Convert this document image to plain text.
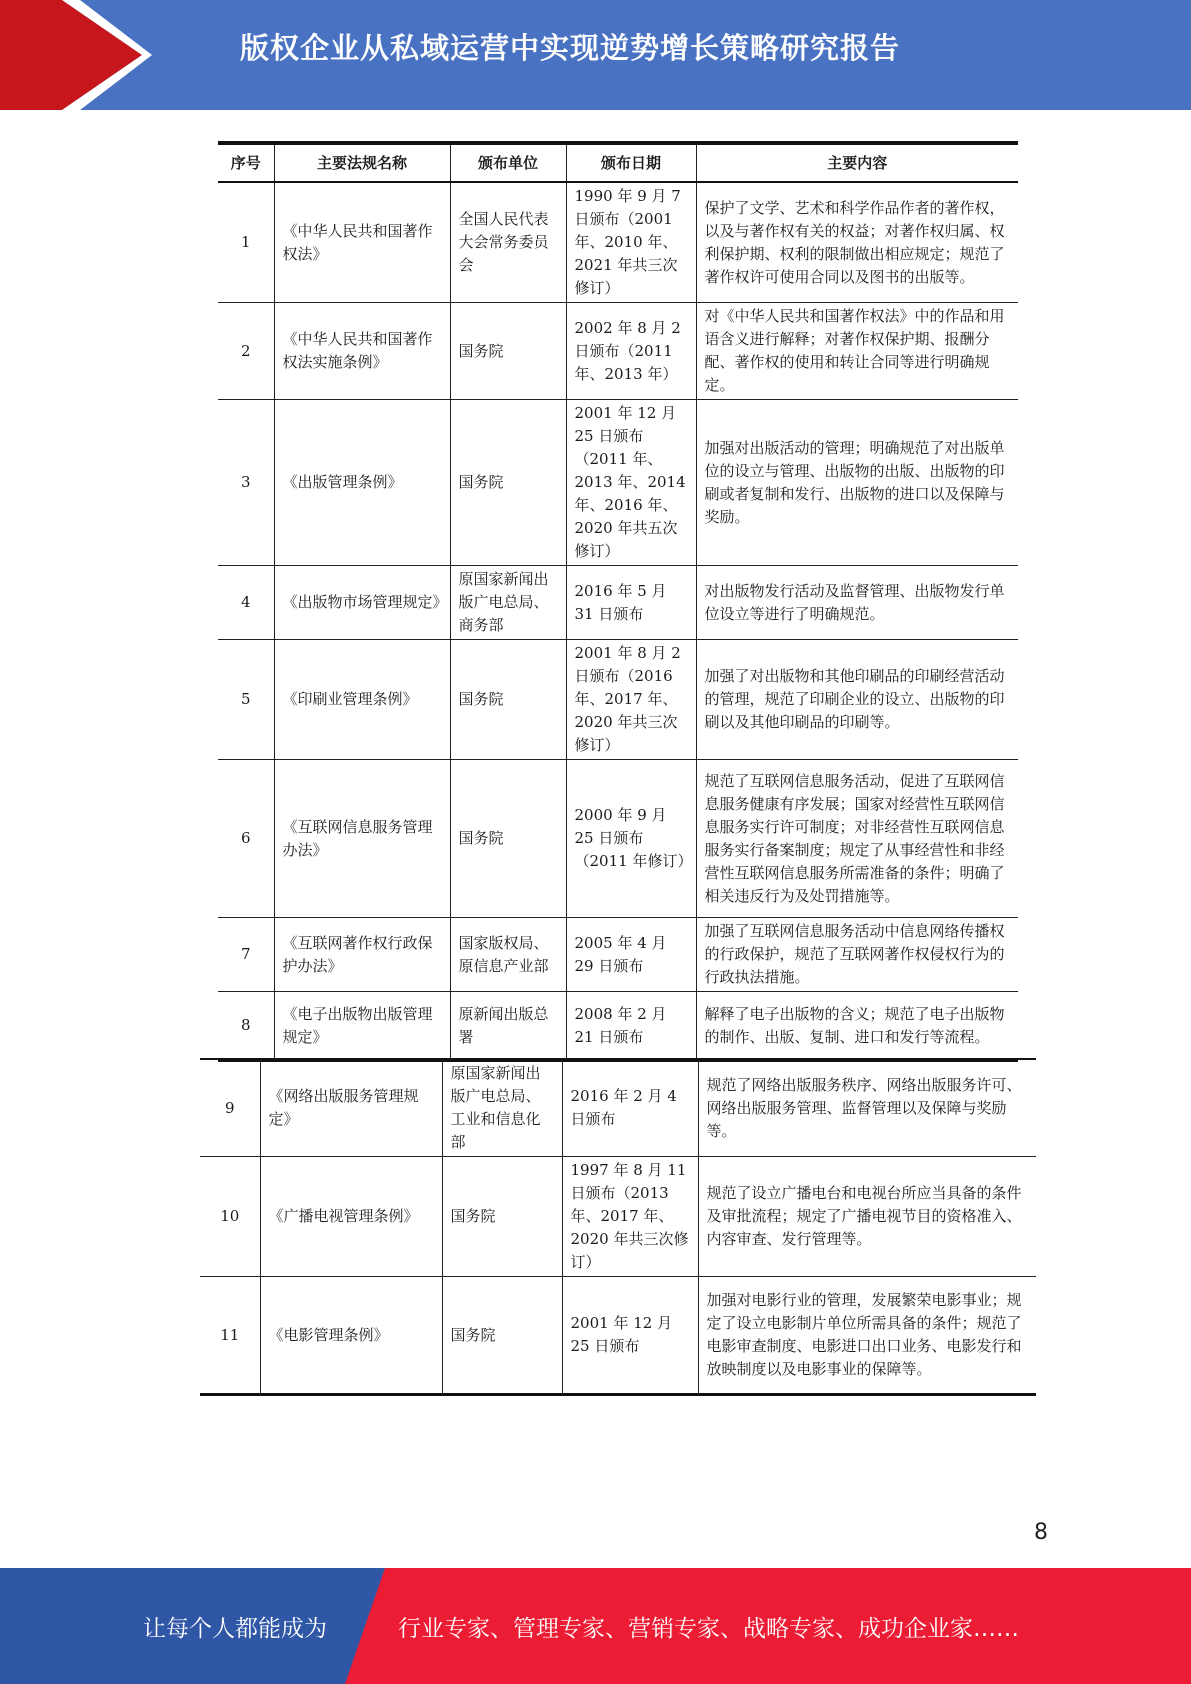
版权企业从私域运营中实现逆势增长策略研究报告
序号	主要法规名称	颁布单位	颁布日期	主要内容
1	《中华人民共和国著作权法》	全国人民代表大会常务委员会	1990 年 9 月 7 日颁布（2001 年、2010 年、2021 年共三次修订）	保护了文学、艺术和科学作品作者的著作权，以及与著作权有关的权益；对著作权归属、权利保护期、权利的限制做出相应规定；规范了著作权许可使用合同以及图书的出版等。
2	《中华人民共和国著作权法实施条例》	国务院	2002 年 8 月 2 日颁布（2011 年、2013 年）	对《中华人民共和国著作权法》中的作品和用语含义进行解释；对著作权保护期、报酬分配、著作权的使用和转让合同等进行明确规定。
3	《出版管理条例》	国务院	2001 年 12 月 25 日颁布（2011 年、2013 年、2014 年、2016 年、2020 年共五次修订）	加强对出版活动的管理；明确规范了对出版单位的设立与管理、出版物的出版、出版物的印刷或者复制和发行、出版物的进口以及保障与奖励。
4	《出版物市场管理规定》	原国家新闻出版广电总局、商务部	2016 年 5 月 31 日颁布	对出版物发行活动及监督管理、出版物发行单位设立等进行了明确规范。
5	《印刷业管理条例》	国务院	2001 年 8 月 2 日颁布（2016 年、2017 年、2020 年共三次修订）	加强了对出版物和其他印刷品的印刷经营活动的管理，规范了印刷企业的设立、出版物的印刷以及其他印刷品的印刷等。
6	《互联网信息服务管理办法》	国务院	2000 年 9 月 25 日颁布（2011 年修订）	规范了互联网信息服务活动，促进了互联网信息服务健康有序发展；国家对经营性互联网信息服务实行许可制度；对非经营性互联网信息服务实行备案制度；规定了从事经营性和非经营性互联网信息服务所需准备的条件；明确了相关违反行为及处罚措施等。
7	《互联网著作权行政保护办法》	国家版权局、原信息产业部	2005 年 4 月 29 日颁布	加强了互联网信息服务活动中信息网络传播权的行政保护，规范了互联网著作权侵权行为的行政执法措施。
8	《电子出版物出版管理规定》	原新闻出版总署	2008 年 2 月 21 日颁布	解释了电子出版物的含义；规范了电子出版物的制作、出版、复制、进口和发行等流程。
9	《网络出版服务管理规定》	原国家新闻出版广电总局、工业和信息化部	2016 年 2 月 4 日颁布	规范了网络出版服务秩序、网络出版服务许可、网络出版服务管理、监督管理以及保障与奖励等。
10	《广播电视管理条例》	国务院	1997 年 8 月 11 日颁布（2013 年、2017 年、2020 年共三次修订）	规范了设立广播电台和电视台所应当具备的条件及审批流程；规定了广播电视节目的资格准入、内容审查、发行管理等。
11	《电影管理条例》	国务院	2001 年 12 月 25 日颁布	加强对电影行业的管理，发展繁荣电影事业；规定了设立电影制片单位所需具备的条件；规范了电影审查制度、电影进口出口业务、电影发行和放映制度以及电影事业的保障等。
8
让每个人都能成为	行业专家、管理专家、营销专家、战略专家、成功企业家……
